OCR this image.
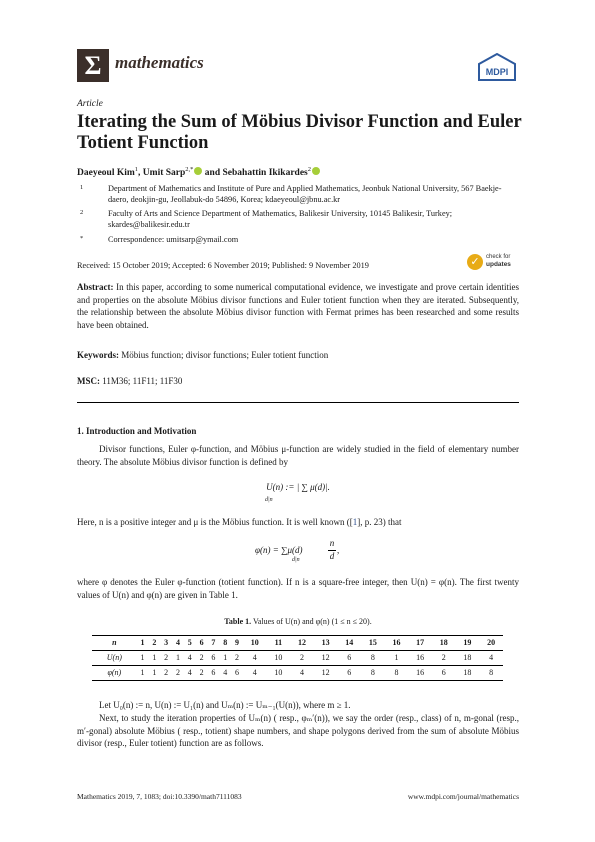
Σ mathematics	MDPI
Article
Iterating the Sum of Möbius Divisor Function and Euler Totient Function
Daeyeoul Kim$^1$, Umit Sarp$^{2,*}$ and Sebahattin Ikikardes$^2$
1	Department of Mathematics and Institute of Pure and Applied Mathematics, Jeonbuk National University, 567 Baekje-daero, deokjin-gu, Jeollabuk-do 54896, Korea; kdaeyeoul@jbnu.ac.kr
2	Faculty of Arts and Science Department of Mathematics, Balikesir University, 10145 Balikesir, Turkey; skardes@balikesir.edu.tr
*	Correspondence: umitsarp@ymail.com
Received: 15 October 2019; Accepted: 6 November 2019; Published: 9 November 2019	✓	check for
updates
Abstract: In this paper, according to some numerical computational evidence, we investigate and prove certain identities and properties on the absolute Möbius divisor functions and Euler totient function when they are iterated. Subsequently, the relationship between the absolute Möbius divisor function with Fermat primes has been researched and some results have been obtained.
Keywords: Möbius function; divisor functions; Euler totient function
MSC: 11M36; 11F11; 11F30
1. Introduction and Motivation
Divisor functions, Euler φ-function, and Möbius μ-function are widely studied in the field of elementary number theory. The absolute Möbius divisor function is defined by
U(n) := | ∑ μ(d)|.
d|n
Here, n is a positive integer and μ is the Möbius function. It is well known ([1], p. 23) that
φ(n) = ∑μ(d)
d|n
n
d
,
where φ denotes the Euler φ-function (totient function). If n is a square-free integer, then U(n) = φ(n). The first twenty values of U(n) and φ(n) are given in Table 1.
Table 1. Values of U(n) and φ(n) (1 ≤ n ≤ 20).
n	1	2	3	4	5	6	7	8	9	10	11	12	13	14	15	16	17	18	19	20
U(n)	1	1	2	1	4	2	6	1	2	4	10	2	12	6	8	1	16	2	18	4
φ(n)	1	1	2	2	4	2	6	4	6	4	10	4	12	6	8	8	16	6	18	8
Let U₀(n) := n, U(n) := U₁(n) and Uₘ(n) := Uₘ₋₁(U(n)), where m ≥ 1.
Next, to study the iteration properties of Uₘ(n) ( resp., φₘ′(n)), we say the order (resp., class) of n, m-gonal (resp., m′-gonal) absolute Möbius ( resp., totient) shape numbers, and shape polygons derived from the sum of absolute Möbius divisor (resp., Euler totient) function are as follows.
Mathematics 2019, 7, 1083; doi:10.3390/math7111083	www.mdpi.com/journal/mathematics
